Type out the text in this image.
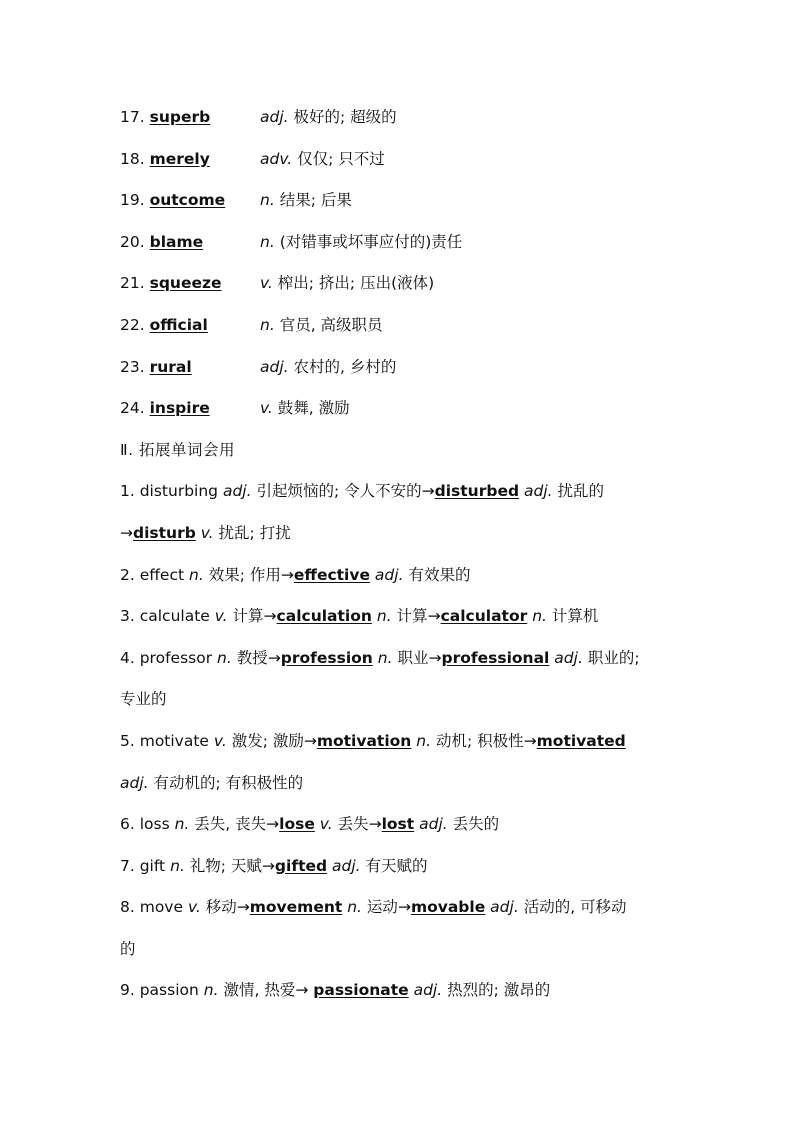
17. superb	adj. 极好的; 超级的
18. merely	adv. 仅仅; 只不过
19. outcome n. 结果; 后果
20. blame	n. (对错事或坏事应付的)责任
21. squeeze v. 榨出; 挤出; 压出(液体)
22. official	n. 官员, 高级职员
23. rural	adj. 农村的, 乡村的
24. inspire	v. 鼓舞, 激励
Ⅱ. 拓展单词会用
1. disturbing adj. 引起烦恼的; 令人不安的→disturbed adj. 扰乱的
→disturb v. 扰乱; 打扰
2. effect n. 效果; 作用→effective adj. 有效果的
3. calculate v. 计算→calculation n. 计算→calculator n. 计算机
4. professor n. 教授→profession n. 职业→professional adj. 职业的;
专业的
5. motivate v. 激发; 激励→motivation n. 动机; 积极性→motivated
adj. 有动机的; 有积极性的
6. loss n. 丢失, 丧失→lose v. 丢失→lost adj. 丢失的
7. gift n. 礼物; 天赋→gifted adj. 有天赋的
8. move v. 移动→movement n. 运动→movable adj. 活动的, 可移动
的
9. passion n. 激情, 热爱→ passionate adj. 热烈的; 激昂的
